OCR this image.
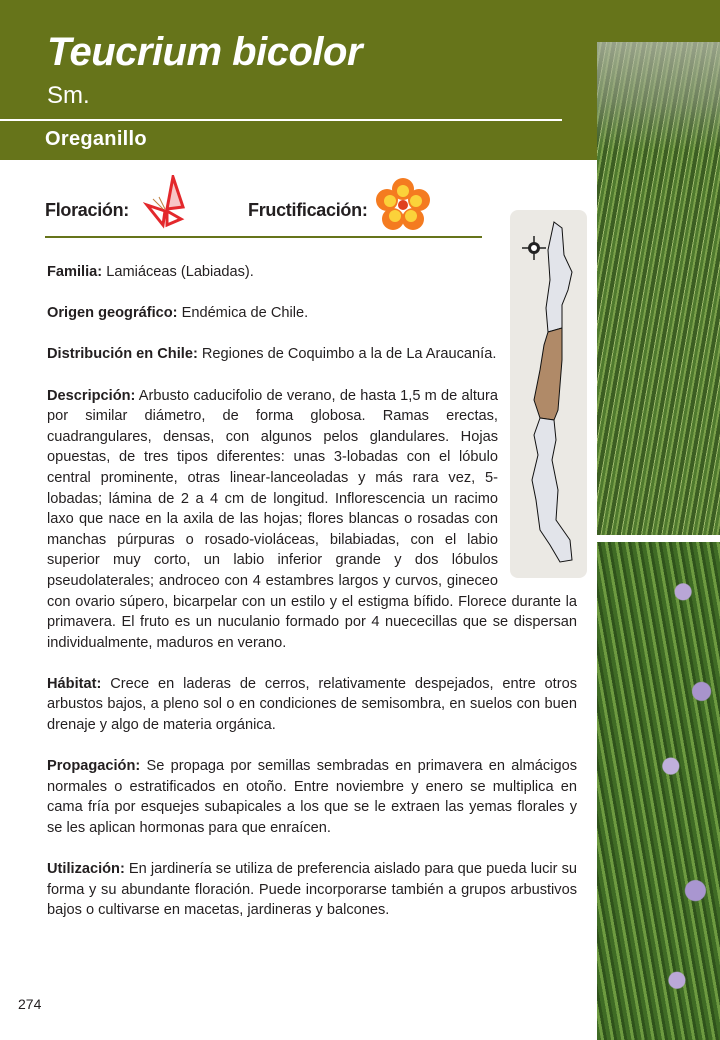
Teucrium bicolor
Sm.
Oreganillo
Floración:	Fructificación:

Familia: Lamiáceas (Labiadas).

Origen geográfico: Endémica de Chile.

Distribución en Chile: Regiones de Coquimbo a la de La Araucanía.

Descripción: Arbusto caducifolio de verano, de hasta 1,5 m de altura por similar diámetro, de forma globosa. Ramas erectas, cuadrangulares, densas, con algunos pelos glandulares. Hojas opuestas, de tres tipos diferentes: unas 3-lobadas con el lóbulo central prominente, otras linear-lanceoladas y más rara vez, 5-lobadas; lámina de 2 a 4 cm de longitud. Inflorescencia un racimo laxo que nace en la axila de las hojas; flores blancas o rosadas con manchas púrpuras o rosado-violáceas, bilabiadas, con el labio superior muy corto, un labio inferior grande y dos lóbulos pseudolaterales; androceo con 4 estambres largos y curvos, gineceo con ovario súpero, bicarpelar con un estilo y el estigma bífido. Florece durante la primavera. El fruto es un nuculanio formado por 4 nuececillas que se dispersan individualmente, maduros en verano.

Hábitat: Crece en laderas de cerros, relativamente despejados, entre otros arbustos bajos, a pleno sol o en condiciones de semisombra, en suelos con buen drenaje y algo de materia orgánica.

Propagación: Se propaga por semillas sembradas en primavera en almácigos normales o estratificados en otoño. Entre noviembre y enero se multiplica en cama fría por esquejes subapicales a los que se le extraen las yemas florales y se les aplican hormonas para que enraícen.

Utilización: En jardinería se utiliza de preferencia aislado para que pueda lucir su forma y su abundante floración. Puede incorporarse también a grupos arbustivos bajos o cultivarse en macetas, jardineras y balcones.

274
